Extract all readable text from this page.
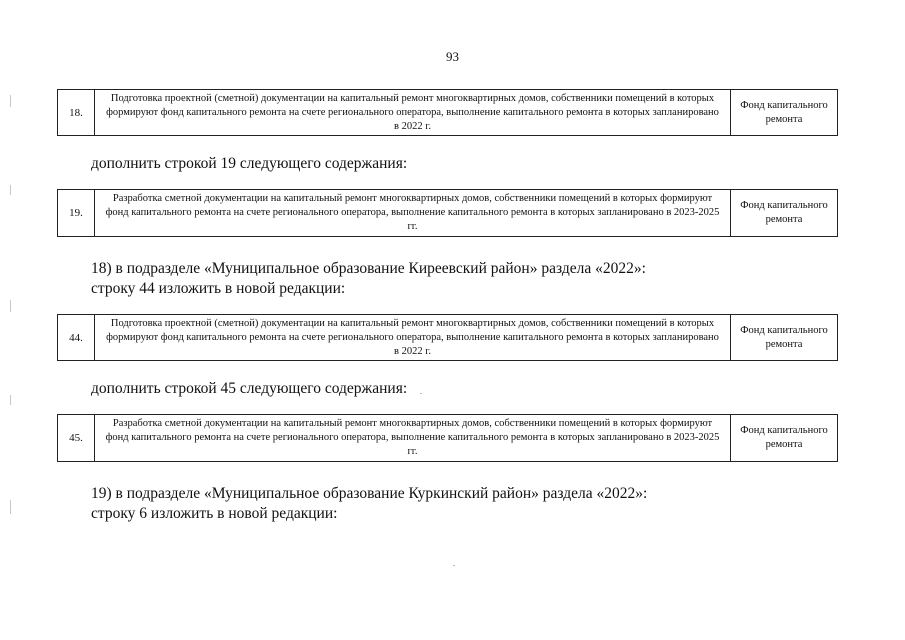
93
18.
Подготовка проектной (сметной) документации на капитальный ремонт многоквартирных домов, собственники помещений в которых формируют фонд капитального ремонта на счете регионального оператора, выполнение капитального ремонта в которых запланировано в 2022 г.
Фонд капитального ремонта
дополнить строкой 19 следующего содержания:
19.
Разработка сметной документации на капитальный ремонт многоквартирных домов, собственники помещений в которых формируют фонд капитального ремонта на счете регионального оператора, выполнение капитального ремонта в которых запланировано в 2023-2025 гг.
Фонд капитального ремонта
18) в подразделе «Муниципальное образование Киреевский район» раздела «2022»:
строку 44 изложить в новой редакции:
44.
Подготовка проектной (сметной) документации на капитальный ремонт многоквартирных домов, собственники помещений в которых формируют фонд капитального ремонта на счете регионального оператора, выполнение капитального ремонта в которых запланировано в 2022 г.
Фонд капитального ремонта
дополнить строкой 45 следующего содержания:
45.
Разработка сметной документации на капитальный ремонт многоквартирных домов, собственники помещений в которых формируют фонд капитального ремонта на счете регионального оператора, выполнение капитального ремонта в которых запланировано в 2023-2025 гг.
Фонд капитального ремонта
19) в подразделе «Муниципальное образование Куркинский район» раздела «2022»:
строку 6 изложить в новой редакции:
